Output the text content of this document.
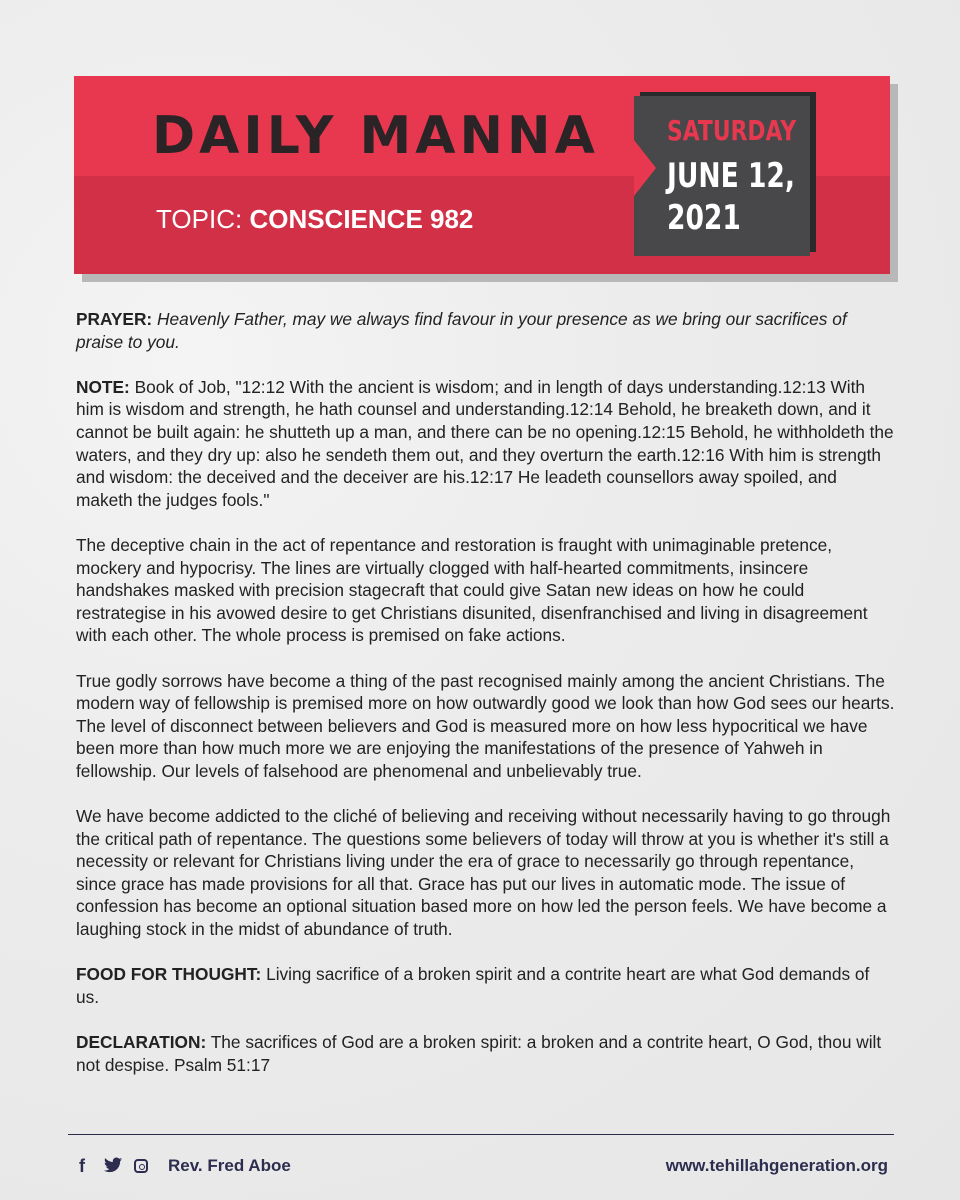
DAILY MANNA
TOPIC: CONSCIENCE 982
SATURDAY
JUNE 12,
2021

PRAYER: Heavenly Father, may we always find favour in your presence as we bring our sacrifices of praise to you.

NOTE: Book of Job, "12:12 With the ancient is wisdom; and in length of days understanding.12:13 With him is wisdom and strength, he hath counsel and understanding.12:14 Behold, he breaketh down, and it cannot be built again: he shutteth up a man, and there can be no opening.12:15 Behold, he withholdeth the waters, and they dry up: also he sendeth them out, and they overturn the earth.12:16 With him is strength and wisdom: the deceived and the deceiver are his.12:17 He leadeth counsellors away spoiled, and maketh the judges fools."

The deceptive chain in the act of repentance and restoration is fraught with unimaginable pretence, mockery and hypocrisy. The lines are virtually clogged with half-hearted commitments, insincere handshakes masked with precision stagecraft that could give Satan new ideas on how he could restrategise in his avowed desire to get Christians disunited, disenfranchised and living in disagreement with each other. The whole process is premised on fake actions.

True godly sorrows have become a thing of the past recognised mainly among the ancient Christians. The modern way of fellowship is premised more on how outwardly good we look than how God sees our hearts. The level of disconnect between believers and God is measured more on how less hypocritical we have been more than how much more we are enjoying the manifestations of the presence of Yahweh in fellowship. Our levels of falsehood are phenomenal and unbelievably true.

We have become addicted to the cliché of believing and receiving without necessarily having to go through the critical path of repentance. The questions some believers of today will throw at you is whether it's still a necessity or relevant for Christians living under the era of grace to necessarily go through repentance, since grace has made provisions for all that. Grace has put our lives in automatic mode. The issue of confession has become an optional situation based more on how led the person feels. We have become a laughing stock in the midst of abundance of truth.

FOOD FOR THOUGHT: Living sacrifice of a broken spirit and a contrite heart are what God demands of us.

DECLARATION: The sacrifices of God are a broken spirit: a broken and a contrite heart, O God, thou wilt not despise. Psalm 51:17

f	Rev. Fred Aboe	www.tehillahgeneration.org
